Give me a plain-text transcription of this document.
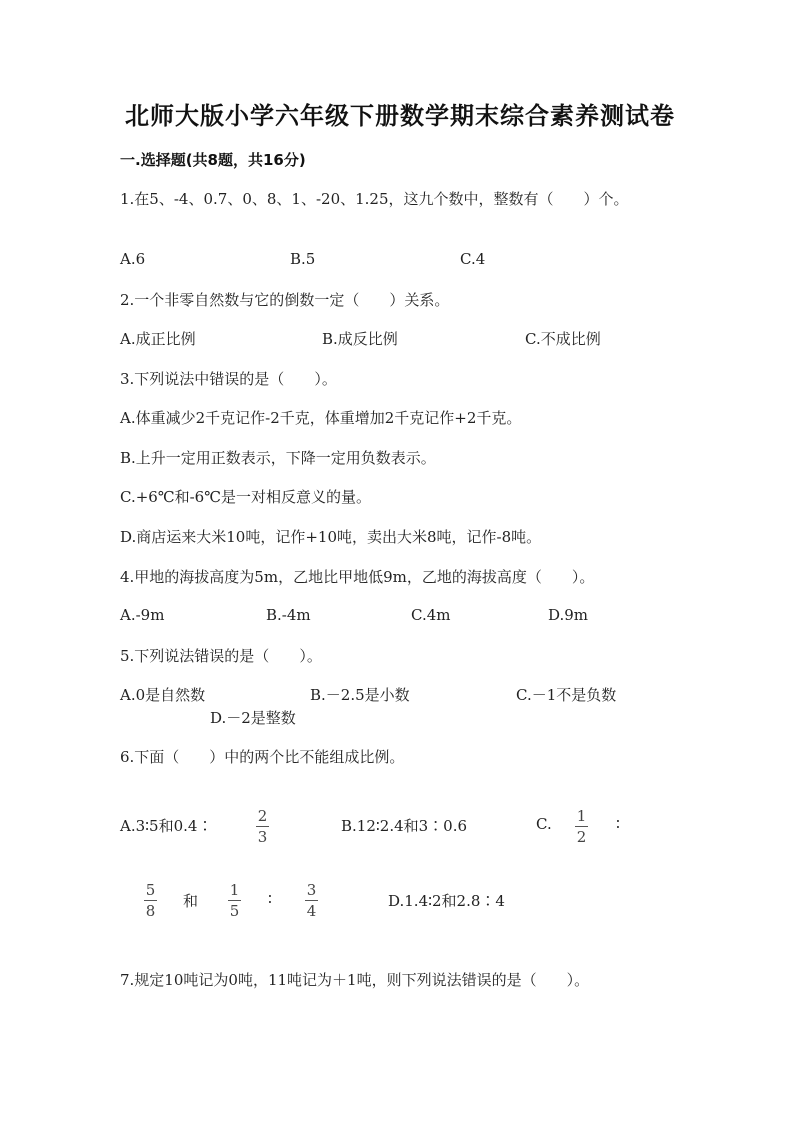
北师大版小学六年级下册数学期末综合素养测试卷
一.选择题(共8题，共16分)
1.在5、-4、0.7、0、8、1、-20、1.25，这九个数中，整数有（　　）个。
A.6	B.5	C.4
2.一个非零自然数与它的倒数一定（　　）关系。
A.成正比例	B.成反比例	C.不成比例
3.下列说法中错误的是（　　）。
A.体重减少2千克记作-2千克，体重增加2千克记作+2千克。
B.上升一定用正数表示，下降一定用负数表示。
C.+6℃和-6℃是一对相反意义的量。
D.商店运来大米10吨，记作+10吨，卖出大米8吨，记作-8吨。
4.甲地的海拔高度为5m，乙地比甲地低9m，乙地的海拔高度（　　）。
A.-9m	B.-4m	C.4m	D.9m
5.下列说法错误的是（　　）。
A.0是自然数	B.－2.5是小数	C.－1不是负数
D.－2是整数
6.下面（　　）中的两个比不能组成比例。
A.3∶5和0.4∶
2
3
B.12∶2.4和3∶0.6	C. 1
2
∶
5
8
和
1
5
∶ 3
4
D.1.4∶2和2.8∶4
7.规定10吨记为0吨，11吨记为＋1吨，则下列说法错误的是（　　）。
